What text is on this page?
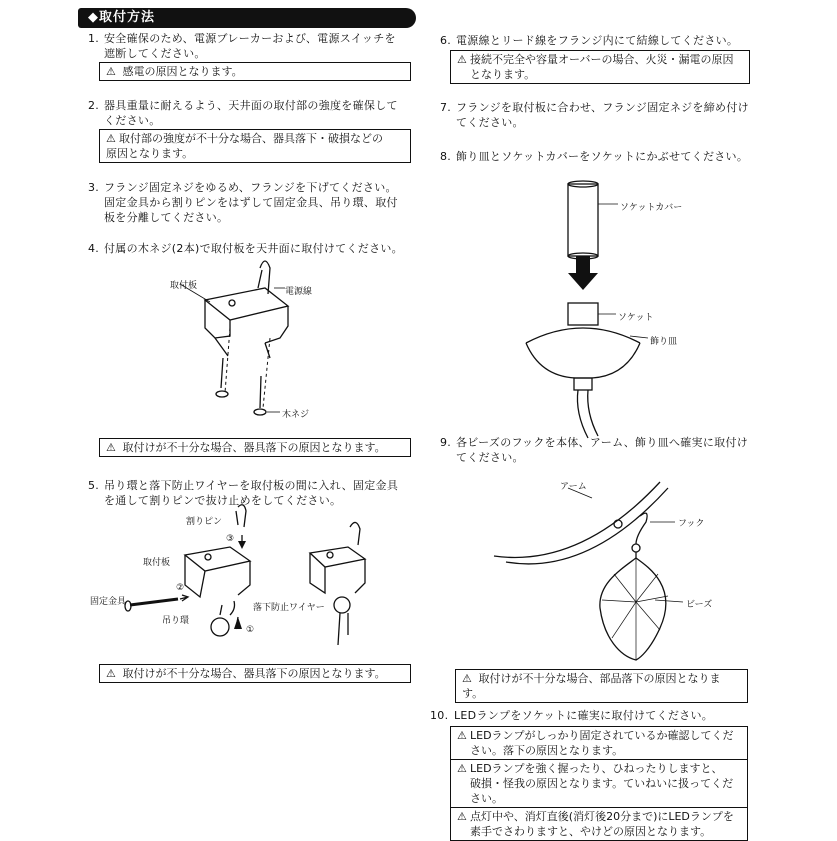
◆取付方法
1. 安全確保のため、電源ブレーカーおよび、電源スイッチを
遮断してください。
⚠ 感電の原因となります。
2. 器具重量に耐えるよう、天井面の取付部の強度を確保して
ください。
⚠ 取付部の強度が不十分な場合、器具落下・破損などの
原因となります。
3. フランジ固定ネジをゆるめ、フランジを下げてください。
固定金具から割りピンをはずして固定金具、吊り環、取付
板を分離してください。
4. 付属の木ネジ(2本)で取付板を天井面に取付けてください。
取付板
電源線
木ネジ
⚠ 取付けが不十分な場合、器具落下の原因となります。
5. 吊り環と落下防止ワイヤーを取付板の間に入れ、固定金具
を通して割りピンで抜け止めをしてください。
割りピン
③
取付板
②
固定金具
落下防止ワイヤー
吊り環
①
⚠ 取付けが不十分な場合、器具落下の原因となります。
6. 電源線とリード線をフランジ内にて結線してください。
⚠ 接続不完全や容量オーバーの場合、火災・漏電の原因
となります。
7. フランジを取付板に合わせ、フランジ固定ネジを締め付け
てください。
8. 飾り皿とソケットカバーをソケットにかぶせてください。
ソケットカバー
ソケット
飾り皿
9. 各ビーズのフックを本体、アーム、飾り皿へ確実に取付け
てください。
アーム
フック
ビーズ
⚠ 取付けが不十分な場合、部品落下の原因となります。
10. LEDランプをソケットに確実に取付けてください。
⚠ LEDランプがしっかり固定されているか確認してくだ
さい。落下の原因となります。
⚠ LEDランプを強く握ったり、ひねったりしますと、
破損・怪我の原因となります。ていねいに扱ってくだ
さい。
⚠ 点灯中や、消灯直後(消灯後20分まで)にLEDランプを
素手でさわりますと、やけどの原因となります。
